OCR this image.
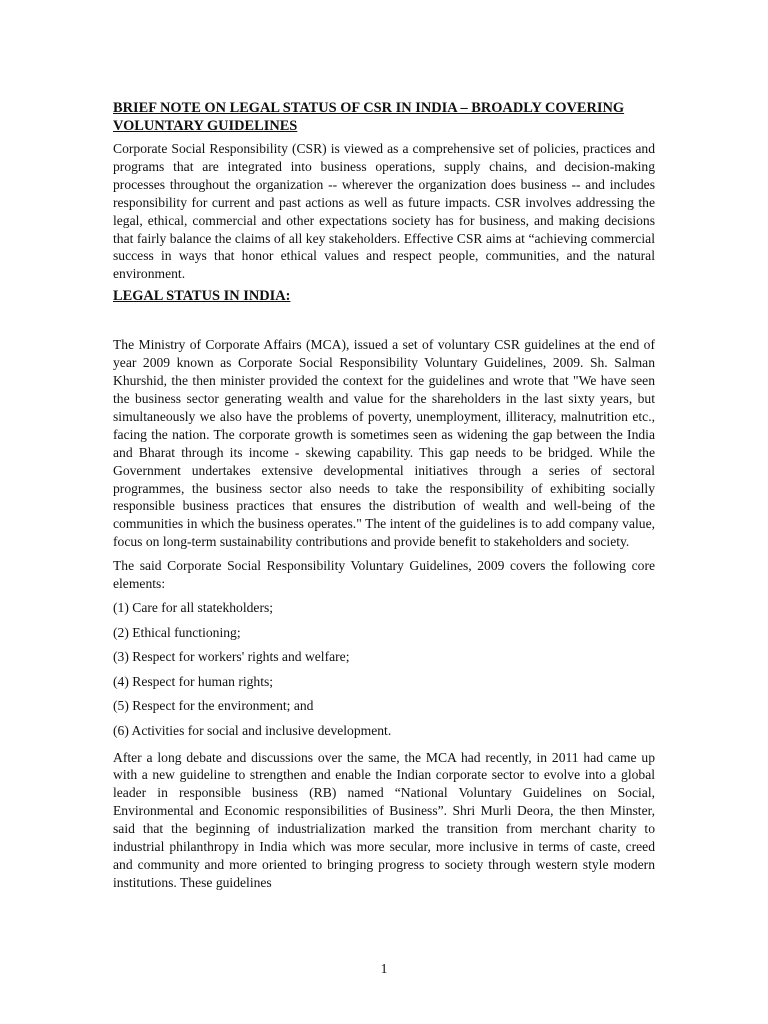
BRIEF NOTE ON LEGAL STATUS OF CSR IN INDIA – BROADLY COVERING VOLUNTARY GUIDELINES

Corporate Social Responsibility (CSR) is viewed as a comprehensive set of policies, practices and programs that are integrated into business operations, supply chains, and decision-making processes throughout the organization -- wherever the organization does business -- and includes responsibility for current and past actions as well as future impacts. CSR involves addressing the legal, ethical, commercial and other expectations society has for business, and making decisions that fairly balance the claims of all key stakeholders. Effective CSR aims at “achieving commercial success in ways that honor ethical values and respect people, communities, and the natural environment.

LEGAL STATUS IN INDIA:

The Ministry of Corporate Affairs (MCA), issued a set of voluntary CSR guidelines at the end of year 2009 known as Corporate Social Responsibility Voluntary Guidelines, 2009. Sh. Salman Khurshid, the then minister provided the context for the guidelines and wrote that "We have seen the business sector generating wealth and value for the shareholders in the last sixty years, but simultaneously we also have the problems of poverty, unemployment, illiteracy, malnutrition etc., facing the nation. The corporate growth is sometimes seen as widening the gap between the India and Bharat through its income - skewing capability. This gap needs to be bridged. While the Government undertakes extensive developmental initiatives through a series of sectoral programmes, the business sector also needs to take the responsibility of exhibiting socially responsible business practices that ensures the distribution of wealth and well-being of the communities in which the business operates." The intent of the guidelines is to add company value, focus on long-term sustainability contributions and provide benefit to stakeholders and society.

The said Corporate Social Responsibility Voluntary Guidelines, 2009 covers the following core elements:

(1) Care for all statekholders;
(2) Ethical functioning;
(3) Respect for workers' rights and welfare;
(4) Respect for human rights;
(5) Respect for the environment; and
(6) Activities for social and inclusive development.

After a long debate and discussions over the same, the MCA had recently, in 2011 had came up with a new guideline to strengthen and enable the Indian corporate sector to evolve into a global leader in responsible business (RB) named “National Voluntary Guidelines on Social, Environmental and Economic responsibilities of Business”. Shri Murli Deora, the then Minster, said that the beginning of industrialization marked the transition from merchant charity to industrial philanthropy in India which was more secular, more inclusive in terms of caste, creed and community and more oriented to bringing progress to society through western style modern institutions. These guidelines

1
